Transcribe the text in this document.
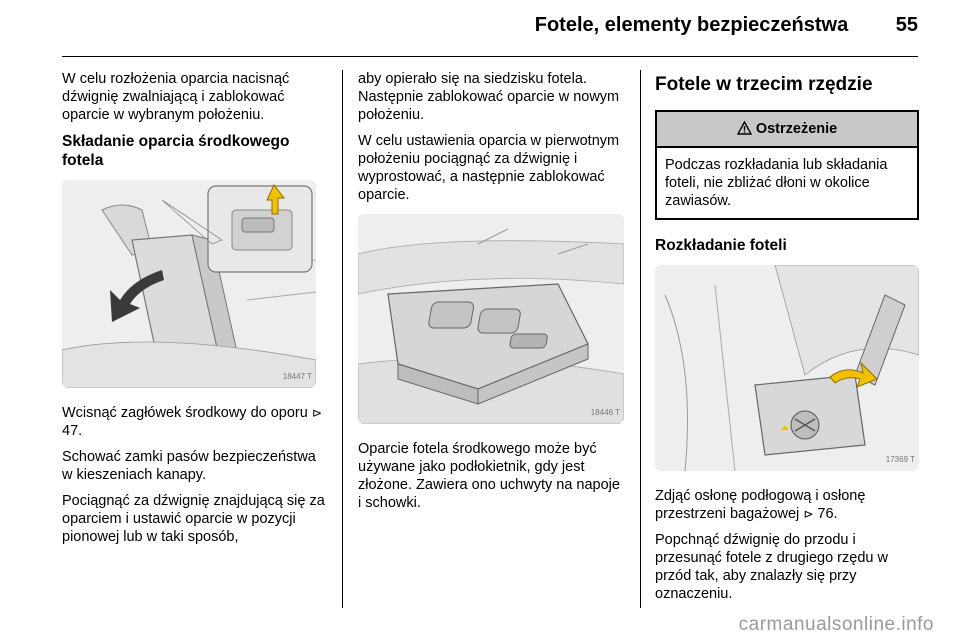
Fotele, elementy bezpieczeństwa 55

W celu rozłożenia oparcia nacisnąć dźwignię zwalniającą i zablokować oparcie w wybranym położeniu.

Składanie oparcia środkowego fotela
18447 T

Wcisnąć zagłówek środkowy do oporu ⊳ 47.

Schować zamki pasów bezpieczeństwa w kieszeniach kanapy.

Pociągnąć za dźwignię znajdującą się za oparciem i ustawić oparcie w pozycji pionowej lub w taki sposób,

aby opierało się na siedzisku fotela. Następnie zablokować oparcie w nowym położeniu.

W celu ustawienia oparcia w pierwotnym położeniu pociągnąć za dźwignię i wyprostować, a następnie zablokować oparcie.

18446 T

Oparcie fotela środkowego może być używane jako podłokietnik, gdy jest złożone. Zawiera ono uchwyty na napoje i schowki.

Fotele w trzecim rzędzie
Ostrzeżenie
Podczas rozkładania lub składania foteli, nie zbliżać dłoni w okolice zawiasów.
Rozkładanie foteli
17369 T

Zdjąć osłonę podłogową i osłonę przestrzeni bagażowej ⊳ 76.

Popchnąć dźwignię do przodu i przesunąć fotele z drugiego rzędu w przód tak, aby znalazły się przy oznaczeniu.

carmanualsonline.info
